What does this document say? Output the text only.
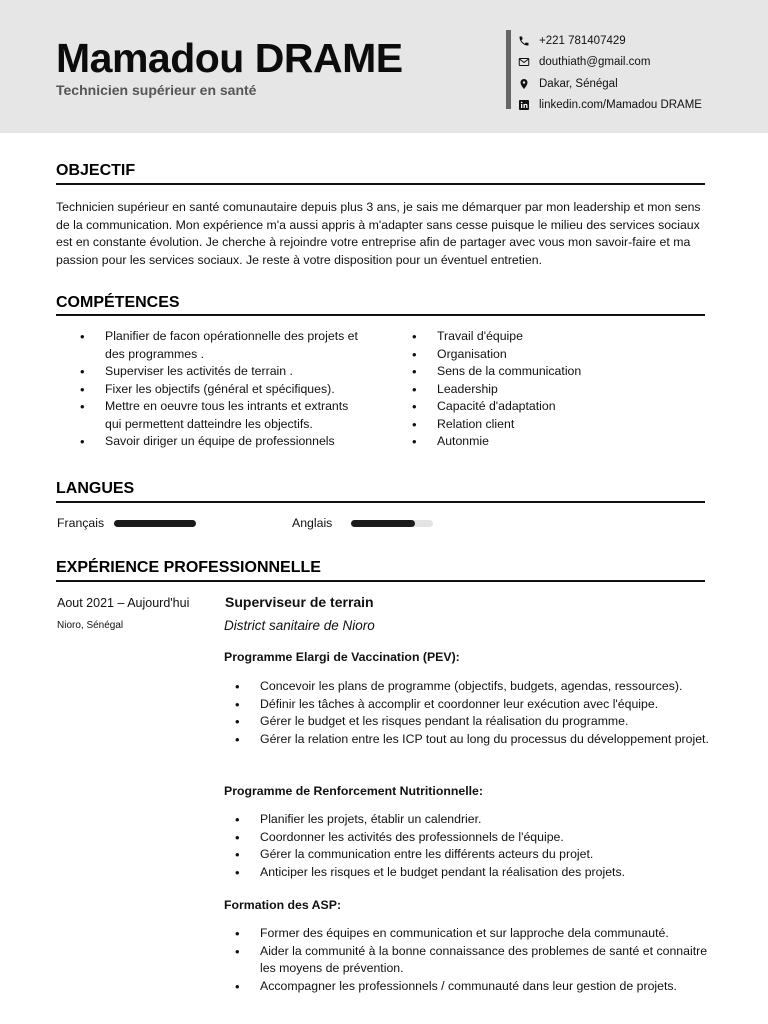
Mamadou DRAME
Technicien supérieur en santé
+221 781407429
douthiath@gmail.com
Dakar, Sénégal
linkedin.com/Mamadou DRAME
OBJECTIF

Technicien supérieur en santé comunautaire depuis plus 3 ans, je sais me démarquer par mon leadership et mon sens de la communication. Mon expérience m'a aussi appris à m'adapter sans cesse puisque le milieu des services sociaux est en constante évolution. Je cherche à rejoindre votre entreprise afin de partager avec vous mon savoir-faire et ma passion pour les services sociaux. Je reste à votre disposition pour un éventuel entretien.

COMPÉTENCES
• Planifier de facon opérationnelle des projets et des programmes .
• Superviser les activités de terrain .
• Fixer les objectifs (général et spécifiques).
• Mettre en oeuvre tous les intrants et extrants qui permettent datteindre les objectifs.
• Savoir diriger un équipe de professionnels
• Travail d'équipe
• Organisation
• Sens de la communication
• Leadership
• Capacité d'adaptation
• Relation client
• Autonmie
LANGUES
Français	Anglais
EXPÉRIENCE PROFESSIONNELLE
Aout 2021 – Aujourd'hui
Nioro, Sénégal
Superviseur de terrain
District sanitaire de Nioro
Programme Elargi de Vaccination (PEV):
• Concevoir les plans de programme (objectifs, budgets, agendas, ressources).
• Définir les tâches à accomplir et coordonner leur exécution avec l'équipe.
• Gérer le budget et les risques pendant la réalisation du programme.
• Gérer la relation entre les ICP tout au long du processus du développement projet.
Programme de Renforcement Nutritionnelle:
• Planifier les projets, établir un calendrier.
• Coordonner les activités des professionnels de l'équipe.
• Gérer la communication entre les différents acteurs du projet.
• Anticiper les risques et le budget pendant la réalisation des projets.
Formation des ASP:
• Former des équipes en communication et sur lapproche dela communauté.
• Aider la communité à la bonne connaissance des problemes de santé et connaitre les moyens de prévention.
• Accompagner les professionnels / communauté dans leur gestion de projets.
